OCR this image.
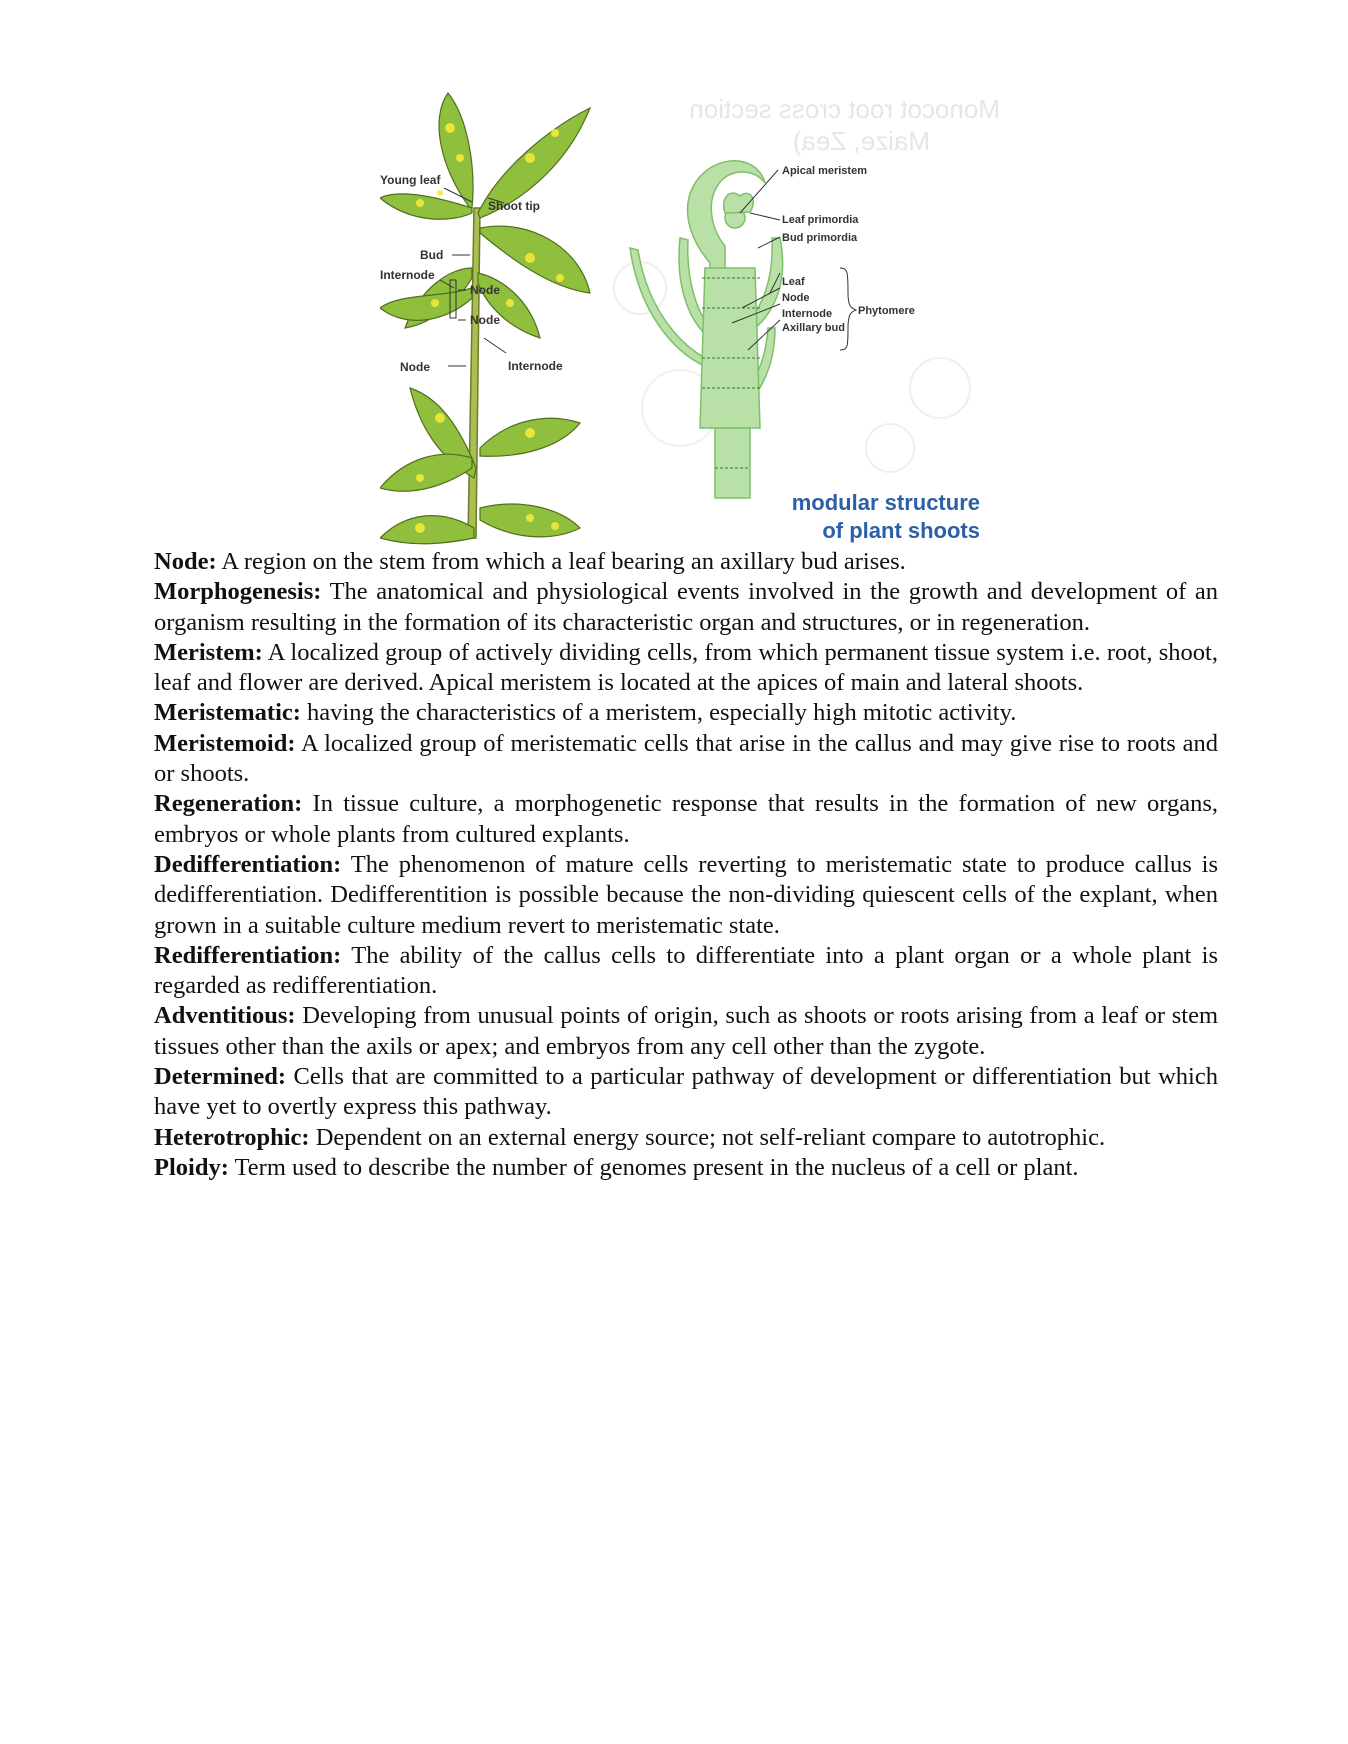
Monocot root cross section
Maize, Zea)
Young leaf
Shoot tip
Bud
Internode
Node
Node
Node	Internode
Apical meristem
Leaf primordia
Bud primordia
Leaf
Node
Internode
Axillary bud
Phytomere
modular structure
of plant shoots

Node: A region on the stem from which a leaf bearing an axillary bud arises.

Morphogenesis: The anatomical and physiological events involved in the growth and development of an organism resulting in the formation of its characteristic organ and structures, or in regeneration.

Meristem: A localized group of actively dividing cells, from which permanent tissue system i.e. root, shoot, leaf and flower are derived. Apical meristem is located at the apices of main and lateral shoots.

Meristematic: having the characteristics of a meristem, especially high mitotic activity.

Meristemoid: A localized group of meristematic cells that arise in the callus and may give rise to roots and or shoots.

Regeneration: In tissue culture, a morphogenetic response that results in the formation of new organs, embryos or whole plants from cultured explants.

Dedifferentiation: The phenomenon of mature cells reverting to meristematic state to produce callus is dedifferentiation. Dedifferentition is possible because the non-dividing quiescent cells of the explant, when grown in a suitable culture medium revert to meristematic state.

Redifferentiation: The ability of the callus cells to differentiate into a plant organ or a whole plant is regarded as redifferentiation.

Adventitious: Developing from unusual points of origin, such as shoots or roots arising from a leaf or stem tissues other than the axils or apex; and embryos from any cell other than the zygote.

Determined: Cells that are committed to a particular pathway of development or differentiation but which have yet to overtly express this pathway.

Heterotrophic: Dependent on an external energy source; not self-reliant compare to autotrophic.

Ploidy: Term used to describe the number of genomes present in the nucleus of a cell or plant.
